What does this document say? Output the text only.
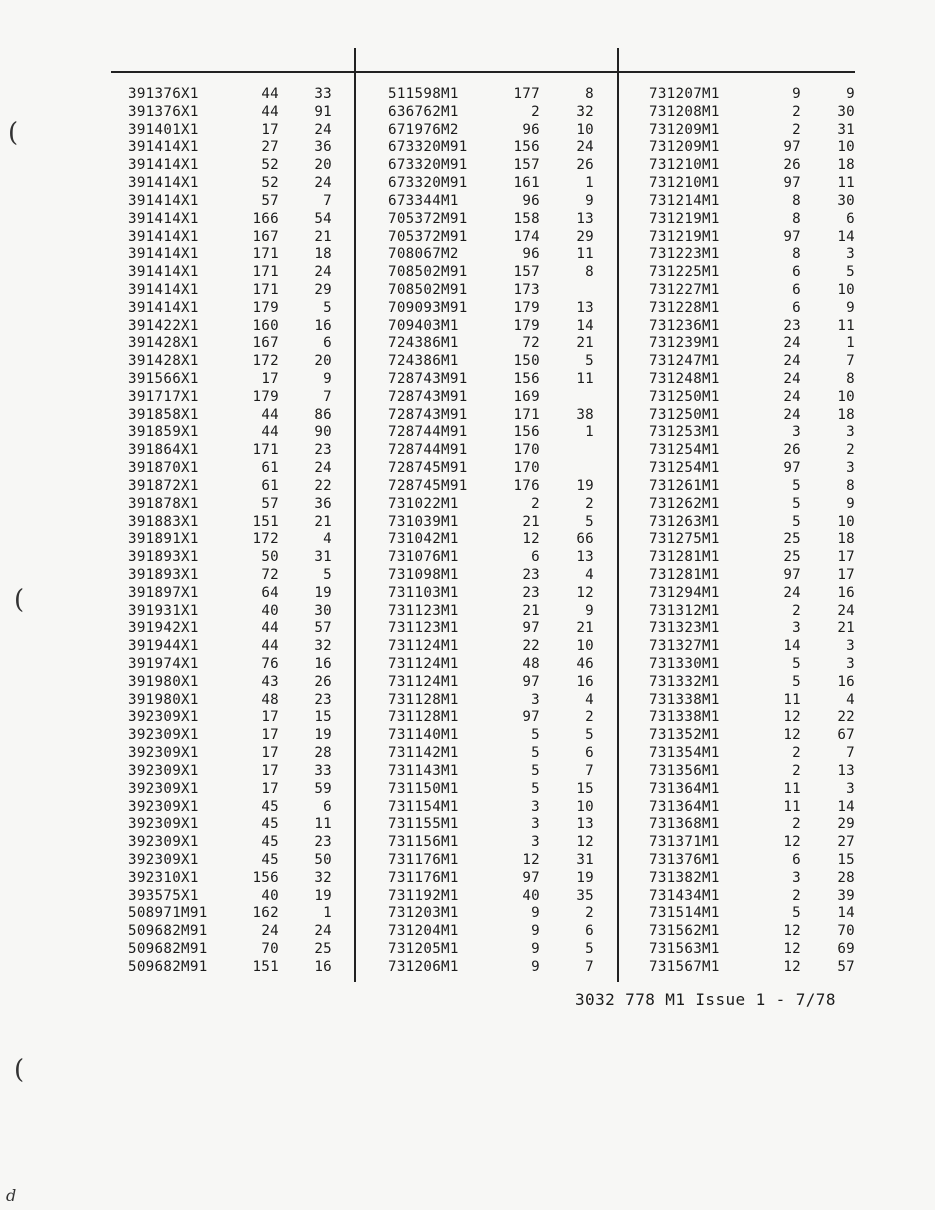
391376X1	44 33
391376X1	44 91
391401X1	17 24
391414X1	27 36
391414X1	52 20
391414X1	52 24
391414X1	57	7
391414X1	166 54
391414X1	167 21
391414X1	171 18
391414X1	171 24
391414X1	171 29
391414X1	179	5
391422X1	160 16
391428X1	167	6
391428X1	172 20
391566X1	17	9
391717X1	179	7
391858X1	44 86
391859X1	44 90
391864X1	171 23
391870X1	61 24
391872X1	61 22
391878X1	57 36
391883X1	151 21
391891X1	172	4
391893X1	50 31
391893X1	72	5
391897X1	64 19
391931X1	40 30
391942X1	44 57
391944X1	44 32
391974X1	76 16
391980X1	43 26
391980X1	48 23
392309X1	17 15
392309X1	17 19
392309X1	17 28
392309X1	17 33
392309X1	17 59
392309X1	45	6
392309X1	45 11
392309X1	45 23
392309X1	45 50
392310X1	156 32
393575X1	40 19
508971M91	162	1
509682M91	24 24
509682M91	70 25
509682M91	151 16
511598M1	177	8
636762M1	2	32
671976M2	96	10
673320M91	156	24
673320M91	157	26
673320M91	161	1
673344M1	96	9
705372M91	158	13
705372M91	174	29
708067M2	96	11
708502M91	157	8
708502M91	173
709093M91	179	13
709403M1	179	14
724386M1	72	21
724386M1	150	5
728743M91	156	11
728743M91	169
728743M91	171	38
728744M91	156	1
728744M91	170
728745M91	170
728745M91	176	19
731022M1	2	2
731039M1	21	5
731042M1	12	66
731076M1	6	13
731098M1	23	4
731103M1	23	12
731123M1	21	9
731123M1	97	21
731124M1	22	10
731124M1	48	46
731124M1	97	16
731128M1	3	4
731128M1	97	2
731140M1	5	5
731142M1	5	6
731143M1	5	7
731150M1	5	15
731154M1	3	10
731155M1	3	13
731156M1	3	12
731176M1	12	31
731176M1	97	19
731192M1	40	35
731203M1	9	2
731204M1	9	6
731205M1	9	5
731206M1	9	7
731207M1	9	9
731208M1	2	30
731209M1	2	31
731209M1	97	10
731210M1	26	18
731210M1	97	11
731214M1	8	30
731219M1	8	6
731219M1	97	14
731223M1	8	3
731225M1	6	5
731227M1	6	10
731228M1	6	9
731236M1	23	11
731239M1	24	1
731247M1	24	7
731248M1	24	8
731250M1	24	10
731250M1	24	18
731253M1	3	3
731254M1	26	2
731254M1	97	3
731261M1	5	8
731262M1	5	9
731263M1	5	10
731275M1	25	18
731281M1	25	17
731281M1	97	17
731294M1	24	16
731312M1	2	24
731323M1	3	21
731327M1	14	3
731330M1	5	3
731332M1	5	16
731338M1	11	4
731338M1	12	22
731352M1	12	67
731354M1	2	7
731356M1	2	13
731364M1	11	3
731364M1	11	14
731368M1	2	29
731371M1	12	27
731376M1	6	15
731382M1	3	28
731434M1	2	39
731514M1	5	14
731562M1	12	70
731563M1	12	69
731567M1	12	57
3032 778 M1 Issue 1 - 7/78
(
(
(
d
